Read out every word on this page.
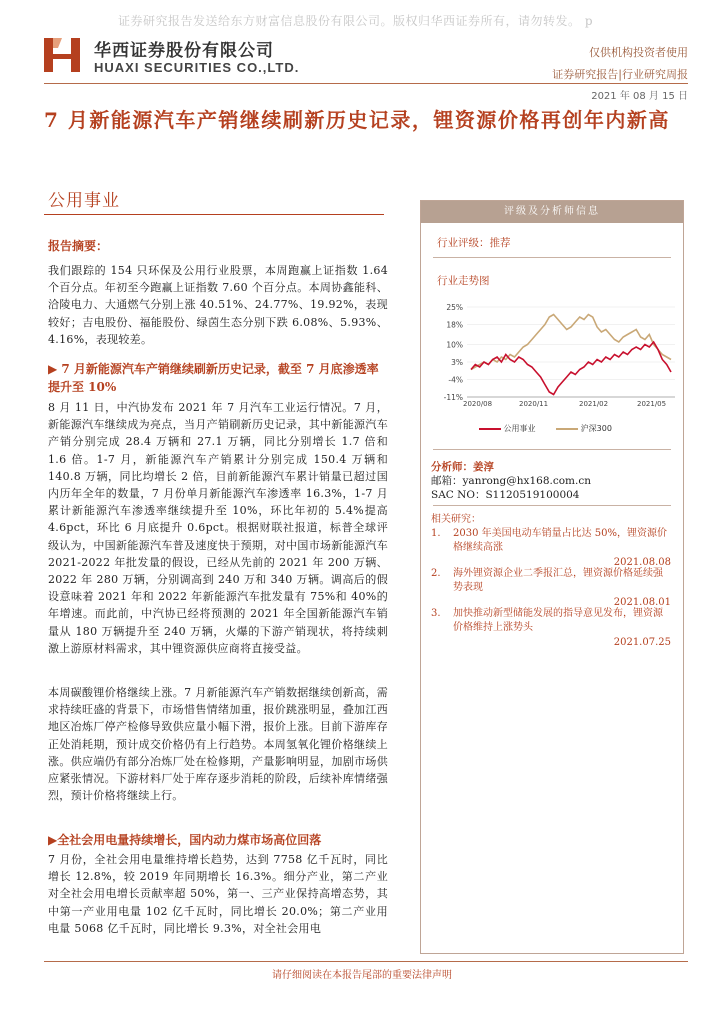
证券研究报告发送给东方财富信息股份有限公司。版权归华西证券所有，请勿转发。 p
华西证券股份有限公司
HUAXI SECURITIES CO.,LTD.
仅供机构投资者使用
证券研究报告|行业研究周报
2021 年 08 月 15 日
7 月新能源汽车产销继续刷新历史记录，锂资源价格再创年内新高
公用事业
报告摘要：
我们跟踪的 154 只环保及公用行业股票，本周跑赢上证指数 1.64 个百分点。年初至今跑赢上证指数 7.60 个百分点。本周协鑫能科、洽陵电力、大通燃气分别上涨 40.51%、24.77%、19.92%，表现较好；吉电股份、福能股份、绿茵生态分别下跌 6.08%、5.93%、4.16%，表现较差。
▶ 7 月新能源汽车产销继续刷新历史记录，截至 7 月底渗透率提升至 10%
8 月 11 日，中汽协发布 2021 年 7 月汽车工业运行情况。7 月，新能源汽车继续成为亮点，当月产销刷新历史记录，其中新能源汽车产销分别完成 28.4 万辆和 27.1 万辆，同比分别增长 1.7 倍和 1.6 倍。1-7 月，新能源汽车产销累计分别完成 150.4 万辆和 140.8 万辆，同比均增长 2 倍，目前新能源汽车累计销量已超过国内历年全年的数量，7 月份单月新能源汽车渗透率 16.3%，1-7 月累计新能源汽车渗透率继续提升至 10%，环比年初的 5.4%提高 4.6pct，环比 6 月底提升 0.6pct。根据财联社报道，标普全球评级认为，中国新能源汽车普及速度快于预期，对中国市场新能源汽车 2021-2022 年批发量的假设，已经从先前的 2021 年 200 万辆、2022 年 280 万辆，分别调高到 240 万和 340 万辆。调高后的假设意味着 2021 年和 2022 年新能源汽车批发量有 75%和 40%的年增速。而此前，中汽协已经将预测的 2021 年全国新能源汽车销量从 180 万辆提升至 240 万辆，火爆的下游产销现状，将持续刺激上游原材料需求，其中锂资源供应商将直接受益。
本周碳酸锂价格继续上涨。7 月新能源汽车产销数据继续创新高，需求持续旺盛的背景下，市场惜售情绪加重，报价跳涨明显，叠加江西地区冶炼厂停产检修导致供应量小幅下滑，报价上涨。目前下游库存正处消耗期，预计成交价格仍有上行趋势。本周氢氧化锂价格继续上涨。供应端仍有部分冶炼厂处在检修期，产量影响明显，加剧市场供应紧张情况。下游材料厂处于库存逐步消耗的阶段，后续补库情绪强烈，预计价格将继续上行。
▶全社会用电量持续增长，国内动力煤市场高位回落
7 月份，全社会用电量维持增长趋势，达到 7758 亿千瓦时，同比增长 12.8%，较 2019 年同期增长 16.3%。细分产业，第二产业对全社会用电增长贡献率超 50%，第一、三产业保持高增态势，其中第一产业用电量 102 亿千瓦时，同比增长 20.0%；第二产业用电量 5068 亿千瓦时，同比增长 9.3%，对全社会用电
评级及分析师信息
行业评级：推荐
行业走势图
25%
18%
10%
3%
-4%
-11%
2020/08	2020/11	2021/02	2021/05
公用事业	沪深300
分析师：姜淳
邮箱：yanrong@hx168.com.cn
SAC NO：S1120519100004
相关研究：
1. 2030 年美国电动车销量占比达 50%，锂资源价格继续高涨
2021.08.08
2. 海外锂资源企业二季报汇总，锂资源价格延续强势表现
2021.08.01
3. 加快推动新型储能发展的指导意见发布，锂资源价格维持上涨势头
2021.07.25
请仔细阅读在本报告尾部的重要法律声明
